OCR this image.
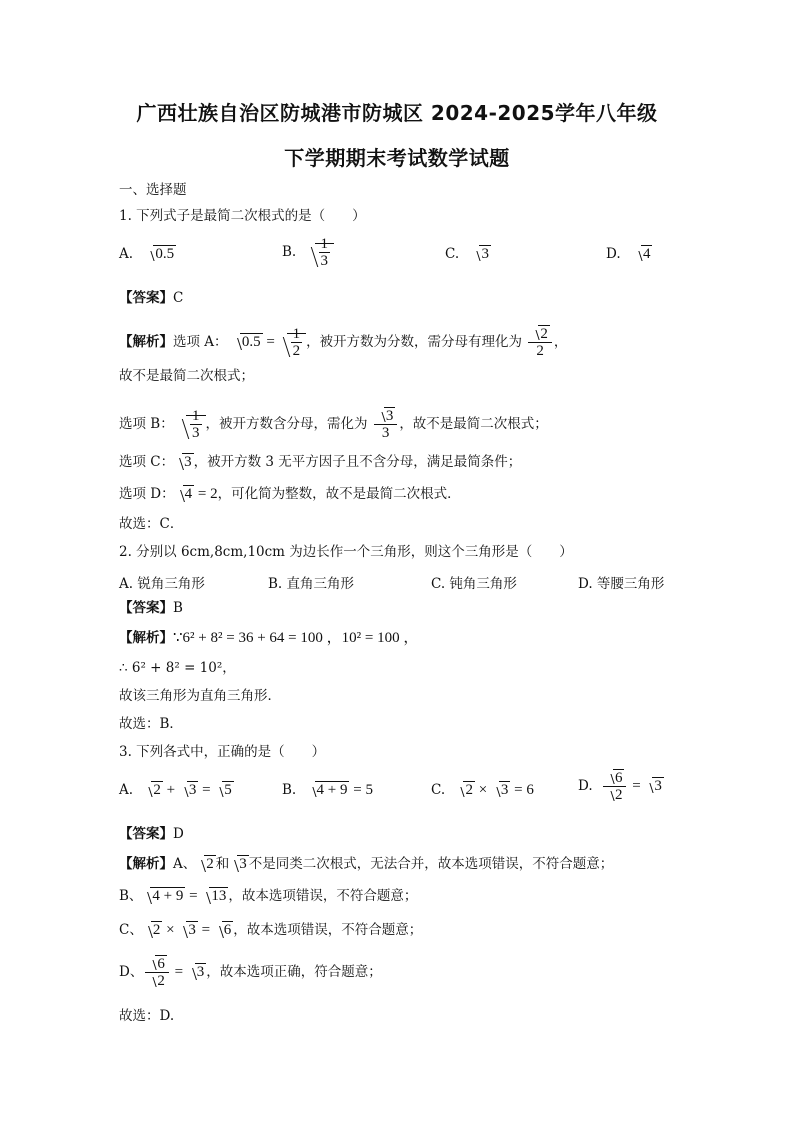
广西壮族自治区防城港市防城区 2024-2025学年八年级
下学期期末考试数学试题
一、选择题
1. 下列式子是最简二次根式的是（　　）
A. 0.5	B. $\frac{1}{3}$	C. 3	D. 4
【答案】C
【解析】选项 A： $0.5 = \frac{1}{2}$ ，被开方数为分数，需分母有理化为 $\frac{2}{2}$ ，
故不是最简二次根式；
选项 B： $\frac{1}{3}$ ，被开方数含分母，需化为 $\frac{3}{3}$ ，故不是最简二次根式；
选项 C： 3 ，被开方数 3 无平方因子且不含分母，满足最简条件；
选项 D： 4 = 2，可化简为整数，故不是最简二次根式．
故选：C．
2. 分别以 6cm,8cm,10cm 为边长作一个三角形，则这个三角形是（　　）
A. 锐角三角形	B. 直角三角形	C. 钝角三角形	D. 等腰三角形
【答案】B
【解析】∵6² + 8² = 36 + 64 = 100 ，10² = 100 ，
∴ 6² + 8² = 10²，
故该三角形为直角三角形．
故选：B．
3. 下列各式中，正确的是（　　）
A. 2 + 3 = 5	B. 4 + 9 = 5	C. 2 × 3 = 6	D. $\frac{6}{2} = 3$
【答案】D
【解析】A、 2 和 3 不是同类二次根式，无法合并，故本选项错误，不符合题意；
B、 4 + 9 = 13 ，故本选项错误，不符合题意；
C、 2 × 3 = 6 ，故本选项错误，不符合题意；
D、 $\frac{6}{2} = 3$ ，故本选项正确，符合题意；
故选：D.
